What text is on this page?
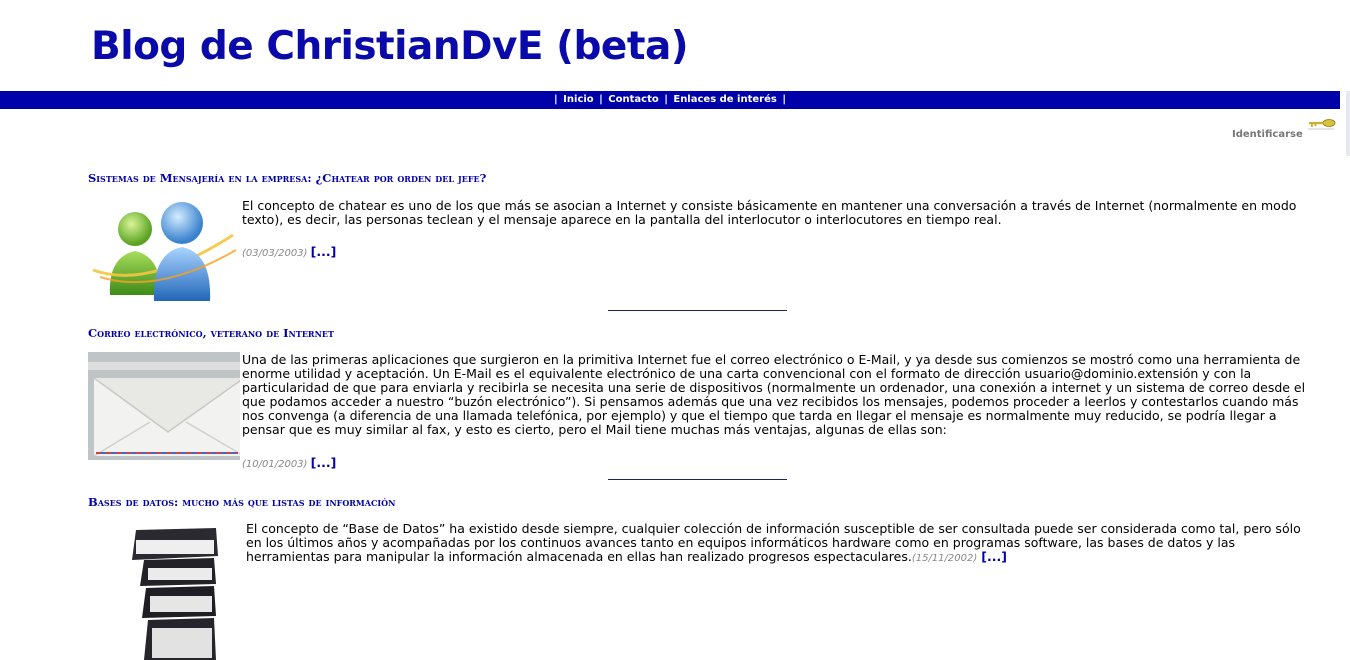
Blog de ChristianDvE (beta)
| Inicio | Contacto | Enlaces de interés |
Identificarse
Sistemas de Mensajería en la empresa: ¿Chatear por orden del jefe?

El concepto de chatear es uno de los que más se asocian a Internet y consiste básicamente en mantener una conversación a través de Internet (normalmente en modo texto), es decir, las personas teclean y el mensaje aparece en la pantalla del interlocutor o interlocutores en tiempo real.

(03/03/2003) [...]
Correo electrónico, veterano de Internet

Una de las primeras aplicaciones que surgieron en la primitiva Internet fue el correo electrónico o E-Mail, y ya desde sus comienzos se mostró como una herramienta de enorme utilidad y aceptación. Un E-Mail es el equivalente electrónico de una carta convencional con el formato de dirección usuario@dominio.extensión y con la particularidad de que para enviarla y recibirla se necesita una serie de dispositivos (normalmente un ordenador, una conexión a internet y un sistema de correo desde el que podamos acceder a nuestro “buzón electrónico”). Si pensamos además que una vez recibidos los mensajes, podemos proceder a leerlos y contestarlos cuando más nos convenga (a diferencia de una llamada telefónica, por ejemplo) y que el tiempo que tarda en llegar el mensaje es normalmente muy reducido, se podría llegar a pensar que es muy similar al fax, y esto es cierto, pero el Mail tiene muchas más ventajas, algunas de ellas son:

(10/01/2003) [...]
Bases de datos: mucho más que listas de información

El concepto de “Base de Datos” ha existido desde siempre, cualquier colección de información susceptible de ser consultada puede ser considerada como tal, pero sólo en los últimos años y acompañadas por los continuos avances tanto en equipos informáticos hardware como en programas software, las bases de datos y las herramientas para manipular la información almacenada en ellas han realizado progresos espectaculares.(15/11/2002) [...]
